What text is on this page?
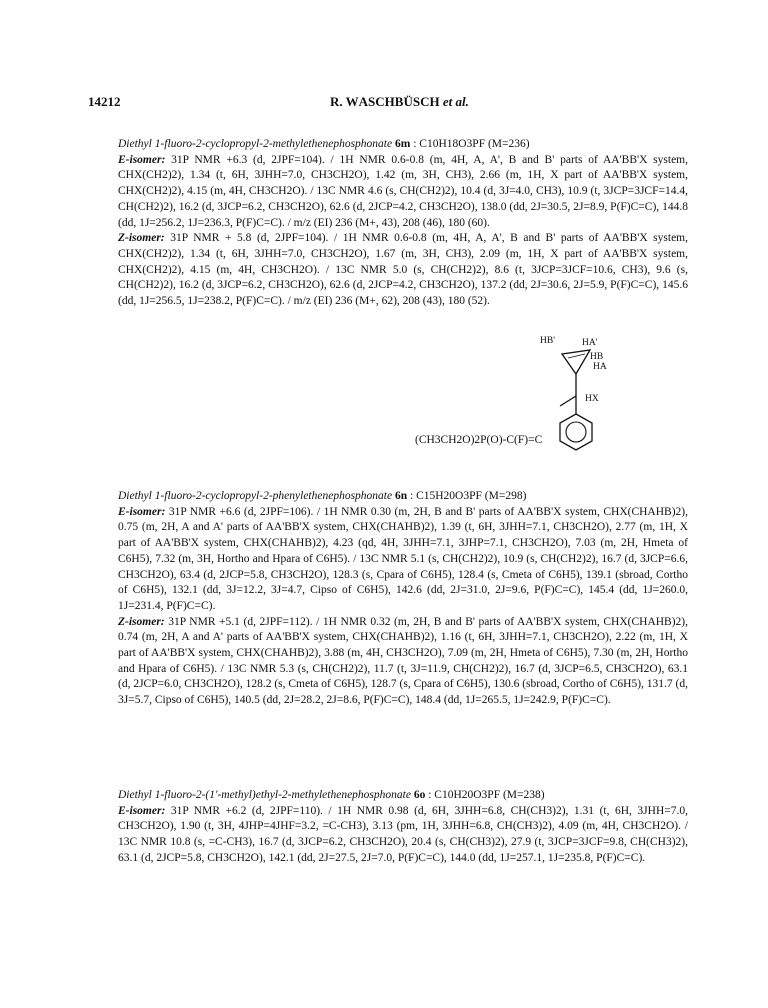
14212	R. WASCHBÜSCH et al.

Diethyl 1-fluoro-2-cyclopropyl-2-methylethenephosphonate 6m : C10H18O3PF (M=236)

E-isomer: 31P NMR +6.3 (d, 2JPF=104). / 1H NMR 0.6-0.8 (m, 4H, A, A', B and B' parts of AA'BB'X system, CHX(CH2)2), 1.34 (t, 6H, 3JHH=7.0, CH3CH2O), 1.42 (m, 3H, CH3), 2.66 (m, 1H, X part of AA'BB'X system, CHX(CH2)2), 4.15 (m, 4H, CH3CH2O). / 13C NMR 4.6 (s, CH(CH2)2), 10.4 (d, 3J=4.0, CH3), 10.9 (t, 3JCP=3JCF=14.4, CH(CH2)2), 16.2 (d, 3JCP=6.2, CH3CH2O), 62.6 (d, 2JCP=4.2, CH3CH2O), 138.0 (dd, 2J=30.5, 2J=8.9, P(F)C=C), 144.8 (dd, 1J=256.2, 1J=236.3, P(F)C=C). / m/z (EI) 236 (M+, 43), 208 (46), 180 (60).

Z-isomer: 31P NMR + 5.8 (d, 2JPF=104). / 1H NMR 0.6-0.8 (m, 4H, A, A', B and B' parts of AA'BB'X system, CHX(CH2)2), 1.34 (t, 6H, 3JHH=7.0, CH3CH2O), 1.67 (m, 3H, CH3), 2.09 (m, 1H, X part of AA'BB'X system, CHX(CH2)2), 4.15 (m, 4H, CH3CH2O). / 13C NMR 5.0 (s, CH(CH2)2), 8.6 (t, 3JCP=3JCF=10.6, CH3), 9.6 (s, CH(CH2)2), 16.2 (d, 3JCP=6.2, CH3CH2O), 62.6 (d, 2JCP=4.2, CH3CH2O), 137.2 (dd, 2J=30.6, 2J=5.9, P(F)C=C), 145.6 (dd, 1J=256.5, 1J=238.2, P(F)C=C). / m/z (EI) 236 (M+, 62), 208 (43), 180 (52).

HB'	HA'
HB
HA
HX
(CH3CH2O)2P(O)-C(F)=C

Diethyl 1-fluoro-2-cyclopropyl-2-phenylethenephosphonate 6n : C15H20O3PF (M=298)

E-isomer: 31P NMR +6.6 (d, 2JPF=106). / 1H NMR 0.30 (m, 2H, B and B' parts of AA'BB'X system, CHX(CHAHB)2), 0.75 (m, 2H, A and A' parts of AA'BB'X system, CHX(CHAHB)2), 1.39 (t, 6H, 3JHH=7.1, CH3CH2O), 2.77 (m, 1H, X part of AA'BB'X system, CHX(CHAHB)2), 4.23 (qd, 4H, 3JHH=7.1, 3JHP=7.1, CH3CH2O), 7.03 (m, 2H, Hmeta of C6H5), 7.32 (m, 3H, Hortho and Hpara of C6H5). / 13C NMR 5.1 (s, CH(CH2)2), 10.9 (s, CH(CH2)2), 16.7 (d, 3JCP=6.6, CH3CH2O), 63.4 (d, 2JCP=5.8, CH3CH2O), 128.3 (s, Cpara of C6H5), 128.4 (s, Cmeta of C6H5), 139.1 (sbroad, Cortho of C6H5), 132.1 (dd, 3J=12.2, 3J=4.7, Cipso of C6H5), 142.6 (dd, 2J=31.0, 2J=9.6, P(F)C=C), 145.4 (dd, 1J=260.0, 1J=231.4, P(F)C=C).

Z-isomer: 31P NMR +5.1 (d, 2JPF=112). / 1H NMR 0.32 (m, 2H, B and B' parts of AA'BB'X system, CHX(CHAHB)2), 0.74 (m, 2H, A and A' parts of AA'BB'X system, CHX(CHAHB)2), 1.16 (t, 6H, 3JHH=7.1, CH3CH2O), 2.22 (m, 1H, X part of AA'BB'X system, CHX(CHAHB)2), 3.88 (m, 4H, CH3CH2O), 7.09 (m, 2H, Hmeta of C6H5), 7.30 (m, 2H, Hortho and Hpara of C6H5). / 13C NMR 5.3 (s, CH(CH2)2), 11.7 (t, 3J=11.9, CH(CH2)2), 16.7 (d, 3JCP=6.5, CH3CH2O), 63.1 (d, 2JCP=6.0, CH3CH2O), 128.2 (s, Cmeta of C6H5), 128.7 (s, Cpara of C6H5), 130.6 (sbroad, Cortho of C6H5), 131.7 (d, 3J=5.7, Cipso of C6H5), 140.5 (dd, 2J=28.2, 2J=8.6, P(F)C=C), 148.4 (dd, 1J=265.5, 1J=242.9, P(F)C=C).

Diethyl 1-fluoro-2-(1'-methyl)ethyl-2-methylethenephosphonate 6o : C10H20O3PF (M=238)

E-isomer: 31P NMR +6.2 (d, 2JPF=110). / 1H NMR 0.98 (d, 6H, 3JHH=6.8, CH(CH3)2), 1.31 (t, 6H, 3JHH=7.0, CH3CH2O), 1.90 (t, 3H, 4JHP=4JHF=3.2, =C-CH3), 3.13 (pm, 1H, 3JHH=6.8, CH(CH3)2), 4.09 (m, 4H, CH3CH2O). / 13C NMR 10.8 (s, =C-CH3), 16.7 (d, 3JCP=6.2, CH3CH2O), 20.4 (s, CH(CH3)2), 27.9 (t, 3JCP=3JCF=9.8, CH(CH3)2), 63.1 (d, 2JCP=5.8, CH3CH2O), 142.1 (dd, 2J=27.5, 2J=7.0, P(F)C=C), 144.0 (dd, 1J=257.1, 1J=235.8, P(F)C=C).
